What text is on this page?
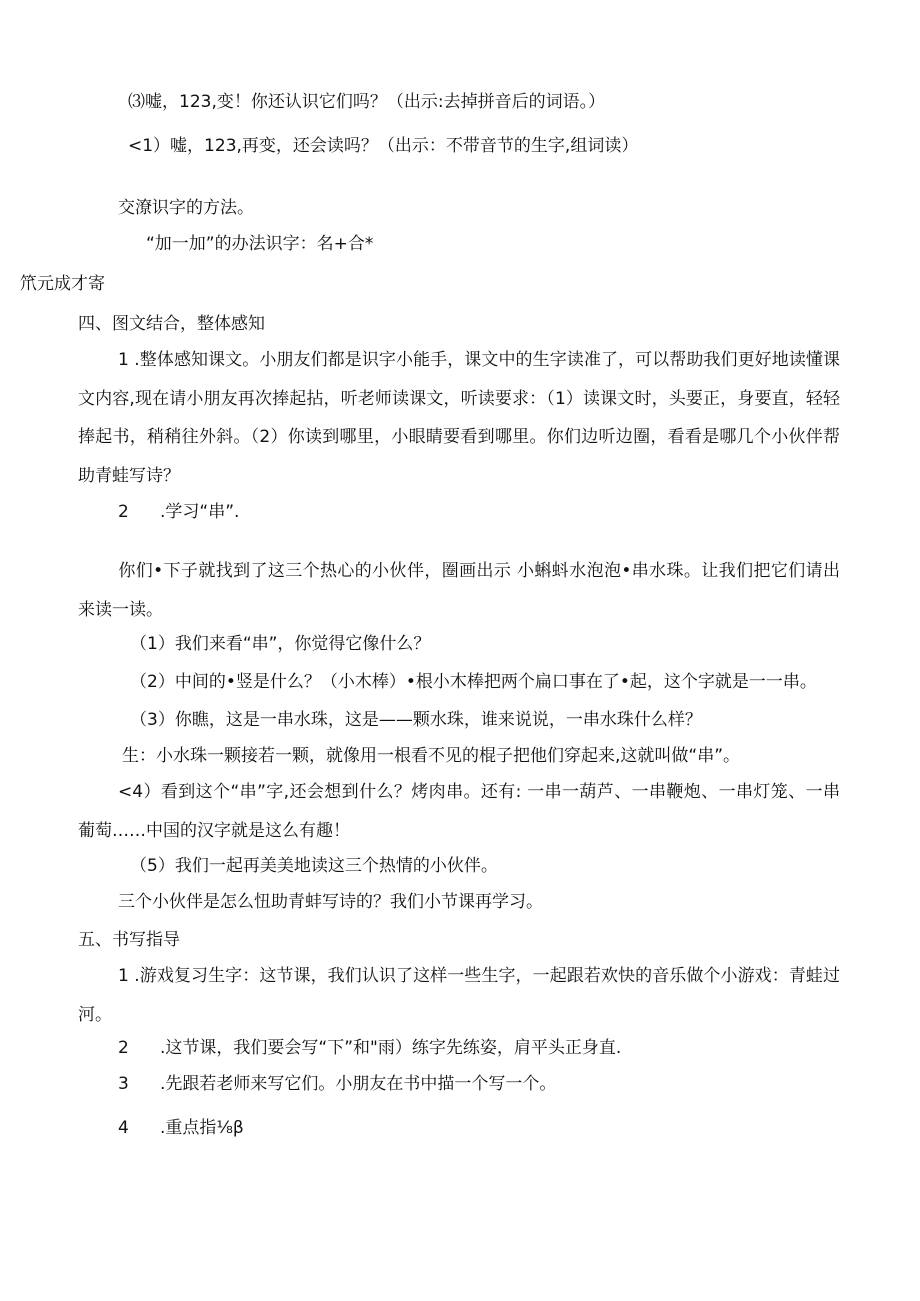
⑶嘘，123,变！你还认识它们吗？（出示:去掉拼音后的词语。）
<1）嘘，123,再变，还会读吗？（出示：不带音节的生字,组词读）
交潦识字的方法。
“加一加”的办法识字：名+合*
笊元成才寄
四、图文结合，整体感知
1 .整体感知课文。小朋友们都是识字小能手，课文中的生字读准了，可以帮助我们更好地读懂课文内容,现在请小朋友再次捧起拈，听老师读课文，听读要求：（1）读课文时，头要正，身要直，轻轻捧起书，稍稍往外斜。（2）你读到哪里，小眼睛要看到哪里。你们边听边圈，看看是哪几个小伙伴帮助青蛙写诗？
2 .学习“串”.
你们•下子就找到了这三个热心的小伙伴，圈画出示 小蝌蚪水泡泡•串水珠。让我们把它们请出来读一读。
（1）我们来看“串”，你觉得它像什么？
（2）中间的•竖是什么？（小木棒）•根小木棒把两个扁口事在了•起，这个字就是一一串。
（3）你瞧，这是一串水珠，这是——颗水珠，谁来说说，一串水珠什么样？
生：小水珠一颗接若一颗，就像用一根看不见的棍子把他们穿起来,这就叫做“串”。
<4）看到这个“串”字,还会想到什么？烤肉串。还有: 一串一葫芦、一串鞭炮、一串灯笼、一串葡萄……中国的汉字就是这么有趣！
（5）我们一起再美美地读这三个热情的小伙伴。
三个小伙伴是怎么忸助青蚌写诗的？我们小节课再学习。
五、书写指导
1 .游戏复习生字：这节课，我们认识了这样一些生字，一起跟若欢快的音乐做个小游戏：青蛙过河。
2 .这节课，我们要会写“下”和"雨）练字先练姿，肩平头正身直.
3 .先跟若老师来写它们。小朋友在书中描一个写一个。
4 .重点指⅛β
